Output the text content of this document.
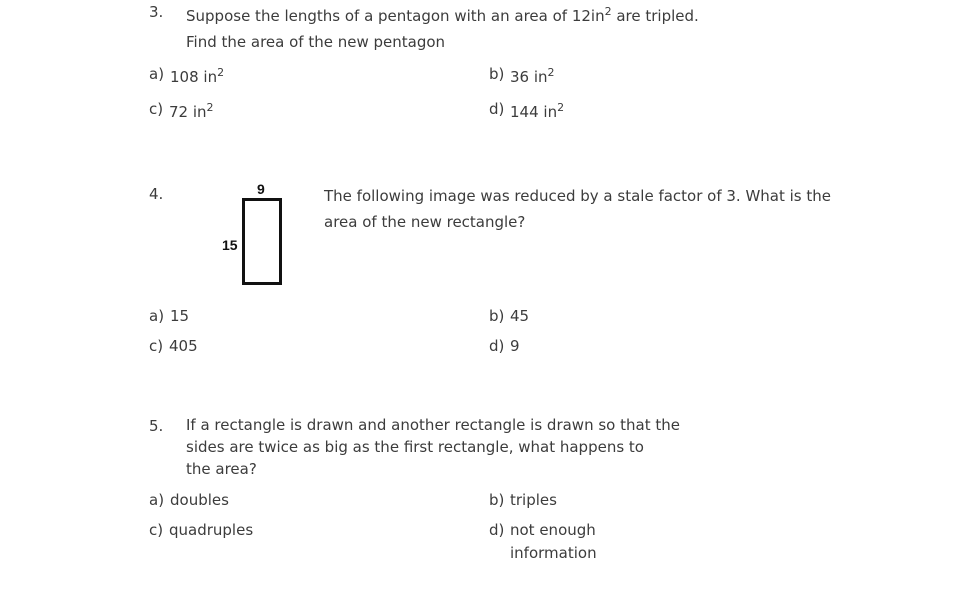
3. Suppose the lengths of a pentagon with an area of $12in^2$ are tripled.
Find the area of the new pentagon
a) 108 $in^2$	b) 36 $in^2$
c) 72 $in^2$	d) 144 $in^2$
4.	9
15
The following image was reduced by a stale factor of 3. What is the
area of the new rectangle?
a) 15	b) 45
c) 405	d) 9
5. If a rectangle is drawn and another rectangle is drawn so that the
sides are twice as big as the first rectangle, what happens to
the area?
a) doubles	b) triples
c) quadruples	d) not enough
information
